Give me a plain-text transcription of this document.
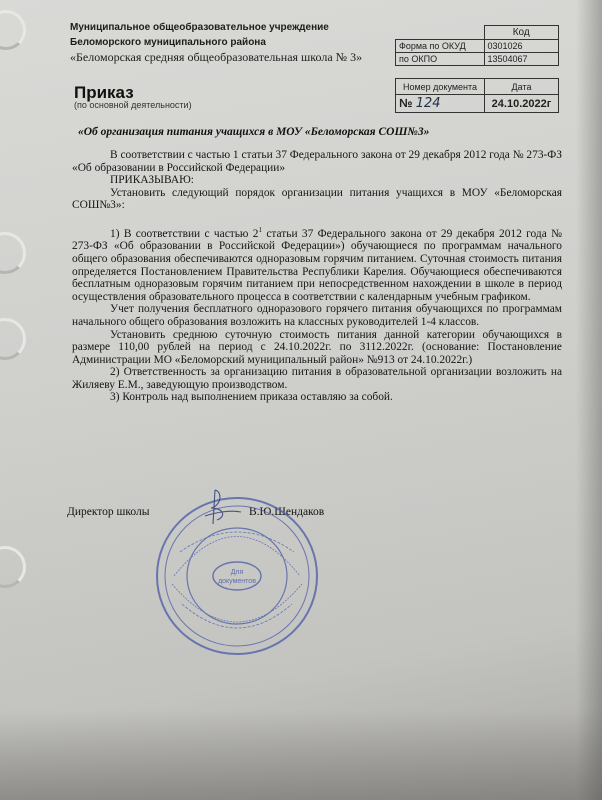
Муниципальное общеобразовательное учреждение
Беломорского муниципального района
«Беломорская средняя общеобразовательная школа № 3»
	Код
Форма по ОКУД	0301026
по ОКПО	13504067
Номер документа	Дата
№ 124	24.10.2022г
Приказ
(по основной деятельности)
«Об организация питания учащихся в МОУ «Беломорская СОШ№3»

В соответствии с частью 1 статьи 37 Федерального закона от 29 декабря 2012 года № 273-ФЗ «Об образовании в Российской Федерации»

ПРИКАЗЫВАЮ:

Установить следующий порядок организации питания учащихся в МОУ «Беломорская СОШ№3»:

1) В соответствии с частью $2^1$ статьи 37 Федерального закона от 29 декабря 2012 года № 273-ФЗ «Об образовании в Российской Федерации») обучающиеся по программам начального общего образования обеспечиваются одноразовым горячим питанием. Суточная стоимость питания определяется Постановлением Правительства Республики Карелия. Обучающиеся обеспечиваются бесплатным одноразовым горячим питанием при непосредственном нахождении в школе в период осуществления образовательного процесса в соответствии с календарным учебным графиком.

Учет получения бесплатного одноразового горячего питания обучающихся по программам начального общего образования возложить на классных руководителей 1-4 классов.

Установить среднюю суточную стоимость питания данной категории обучающихся в размере 110,00 рублей на период с 24.10.2022г. по 3112.2022г. (основание: Постановление Администрации МО «Беломорский муниципальный район» №913 от 24.10.2022г.)

2) Ответственность за организацию питания в образовательной организации возложить на Жиляеву Е.М., заведующую производством.

3) Контроль над выполнением приказа оставляю за собой.

Директор школы	В.Ю.Шендаков
Для
документов
